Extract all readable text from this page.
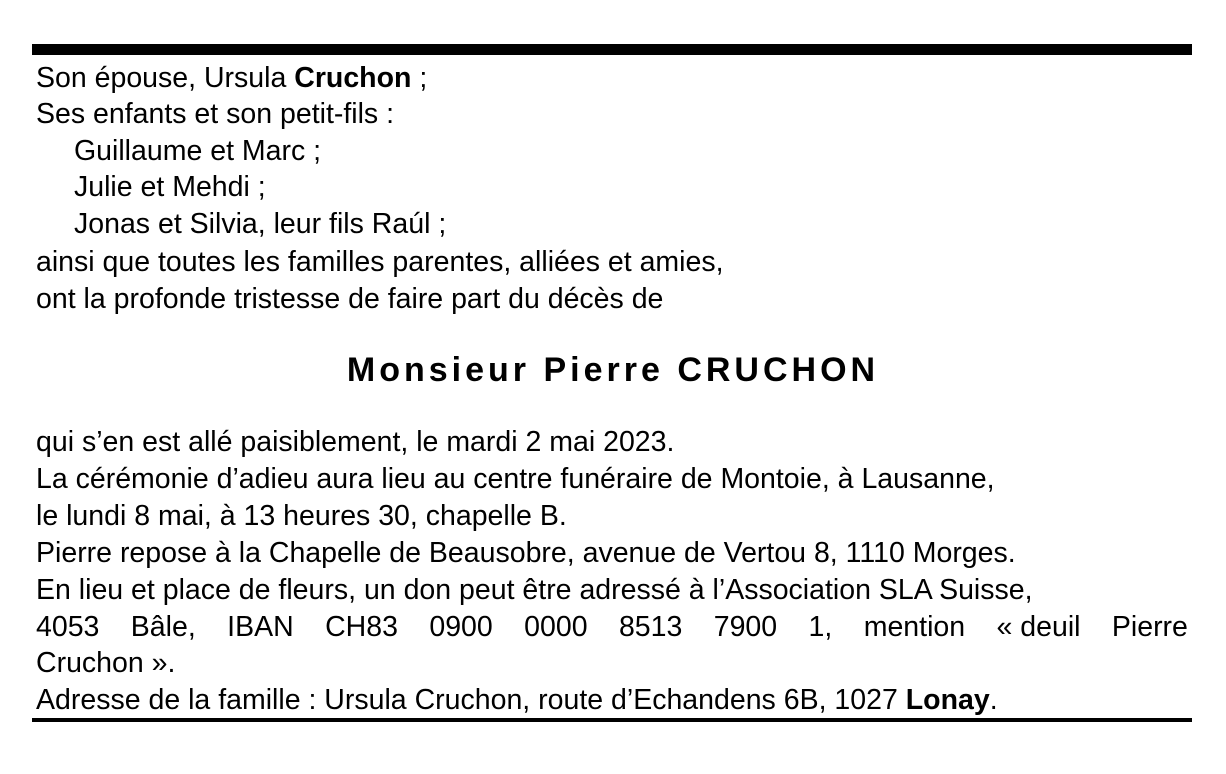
Son épouse, Ursula Cruchon ;
Ses enfants et son petit-fils :
Guillaume et Marc ;
Julie et Mehdi ;
Jonas et Silvia, leur fils Raúl ;
ainsi que toutes les familles parentes, alliées et amies,
ont la profonde tristesse de faire part du décès de
Monsieur Pierre CRUCHON
qui s’en est allé paisiblement, le mardi 2 mai 2023.
La cérémonie d’adieu aura lieu au centre funéraire de Montoie, à Lausanne,
le lundi 8 mai, à 13 heures 30, chapelle B.
Pierre repose à la Chapelle de Beausobre, avenue de Vertou 8, 1110 Morges.
En lieu et place de fleurs, un don peut être adressé à l’Association SLA Suisse,
4053 Bâle, IBAN CH83 0900 0000 8513 7900 1, mention « deuil Pierre
Cruchon ».
Adresse de la famille : Ursula Cruchon, route d’Echandens 6B, 1027 Lonay.
